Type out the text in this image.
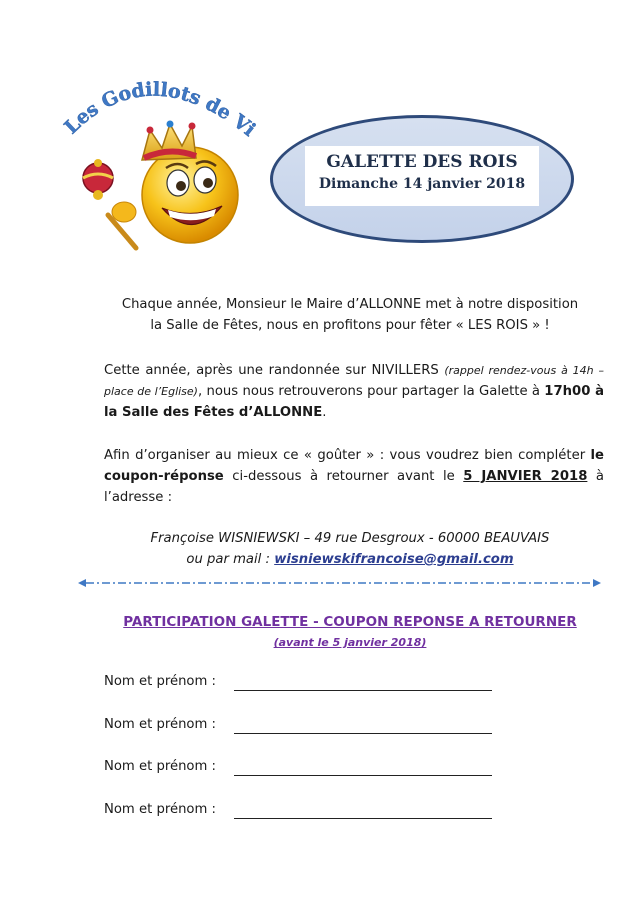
Les Godillots de Vi
GALETTE DES ROIS
Dimanche 14 janvier 2018
Chaque année, Monsieur le Maire d’ALLONNE met à notre disposition
la Salle de Fêtes, nous en profitons pour fêter « LES ROIS » !
Cette année, après une randonnée sur NIVILLERS (rappel rendez-vous à 14h – place de l’Eglise), nous nous retrouverons pour partager la Galette à 17h00 à la Salle des Fêtes d’ALLONNE.
Afin d’organiser au mieux ce « goûter » : vous voudrez bien compléter le coupon-réponse ci-dessous à retourner avant le 5 JANVIER 2018 à l’adresse :
Françoise WISNIEWSKI – 49 rue Desgroux - 60000 BEAUVAIS
ou par mail : wisniewskifrancoise@gmail.com
PARTICIPATION GALETTE - COUPON REPONSE A RETOURNER
(avant le 5 janvier 2018)
Nom et prénom :
Nom et prénom :
Nom et prénom :
Nom et prénom :
